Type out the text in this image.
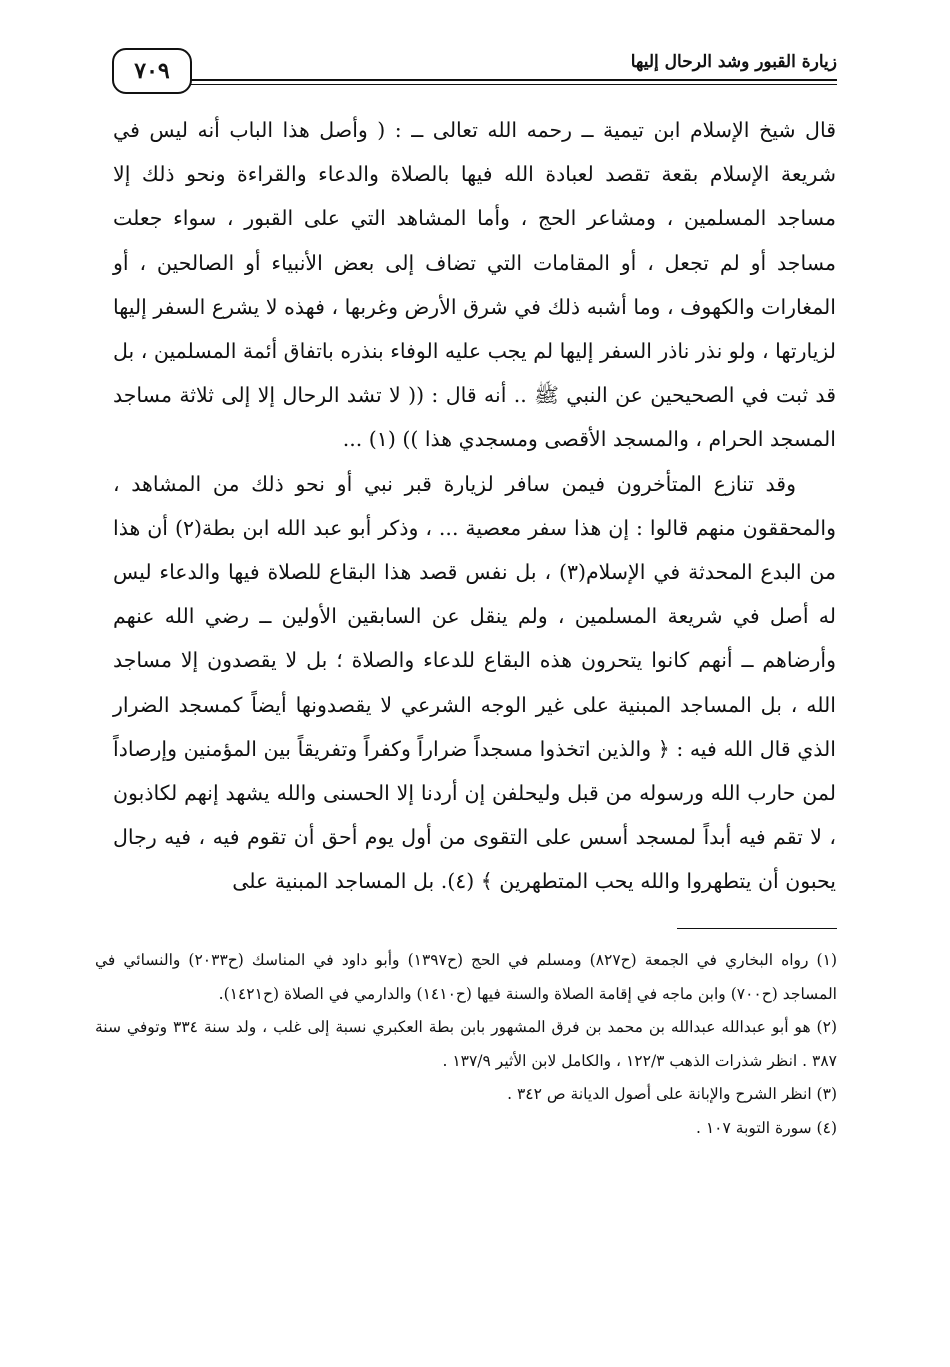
٧٠٩	زيارة القبور وشد الرحال إليها

قال شيخ الإسلام ابن تيمية ــ رحمه الله تعالى ــ : ( وأصل هذا الباب أنه ليس في شريعة الإسلام بقعة تقصد لعبادة الله فيها بالصلاة والدعاء والقراءة ونحو ذلك إلا مساجد المسلمين ، ومشاعر الحج ، وأما المشاهد التي على القبور ، سواء جعلت مساجد أو لم تجعل ، أو المقامات التي تضاف إلى بعض الأنبياء أو الصالحين ، أو المغارات والكهوف ، وما أشبه ذلك في شرق الأرض وغربها ، فهذه لا يشرع السفر إليها لزيارتها ، ولو نذر ناذر السفر إليها لم يجب عليه الوفاء بنذره باتفاق أئمة المسلمين ، بل قد ثبت في الصحيحين عن النبي ﷺ .. أنه قال : (( لا تشد الرحال إلا إلى ثلاثة مساجد المسجد الحرام ، والمسجد الأقصى ومسجدي هذا )) (١) ...

وقد تنازع المتأخرون فيمن سافر لزيارة قبر نبي أو نحو ذلك من المشاهد ، والمحققون منهم قالوا : إن هذا سفر معصية ... ، وذكر أبو عبد الله ابن بطة(٢) أن هذا من البدع المحدثة في الإسلام(٣) ، بل نفس قصد هذا البقاع للصلاة فيها والدعاء ليس له أصل في شريعة المسلمين ، ولم ينقل عن السابقين الأولين ــ رضي الله عنهم وأرضاهم ــ أنهم كانوا يتحرون هذه البقاع للدعاء والصلاة ؛ بل لا يقصدون إلا مساجد الله ، بل المساجد المبنية على غير الوجه الشرعي لا يقصدونها أيضاً كمسجد الضرار الذي قال الله فيه : ﴿ والذين اتخذوا مسجداً ضراراً وكفراً وتفريقاً بين المؤمنين وإرصاداً لمن حارب الله ورسوله من قبل وليحلفن إن أردنا إلا الحسنى والله يشهد إنهم لكاذبون ، لا تقم فيه أبداً لمسجد أسس على التقوى من أول يوم أحق أن تقوم فيه ، فيه رجال يحبون أن يتطهروا والله يحب المتطهرين ﴾ (٤). بل المساجد المبنية على

(١) رواه البخاري في الجمعة (ح٨٢٧) ومسلم في الحج (ح١٣٩٧) وأبو داود في المناسك (ح٢٠٣٣) والنسائي في المساجد (ح٧٠٠) وابن ماجه في إقامة الصلاة والسنة فيها (ح١٤١٠) والدارمي في الصلاة (ح١٤٢١).

(٢) هو أبو عبدالله عبدالله بن محمد بن فرق المشهور بابن بطة العكبري نسبة إلى غلب ، ولد سنة ٣٣٤ وتوفي سنة ٣٨٧ . انظر شذرات الذهب ١٢٢/٣ ، والكامل لابن الأثير ١٣٧/٩ .

(٣) انظر الشرح والإبانة على أصول الديانة ص ٣٤٢ .

(٤) سورة التوبة ١٠٧ .
